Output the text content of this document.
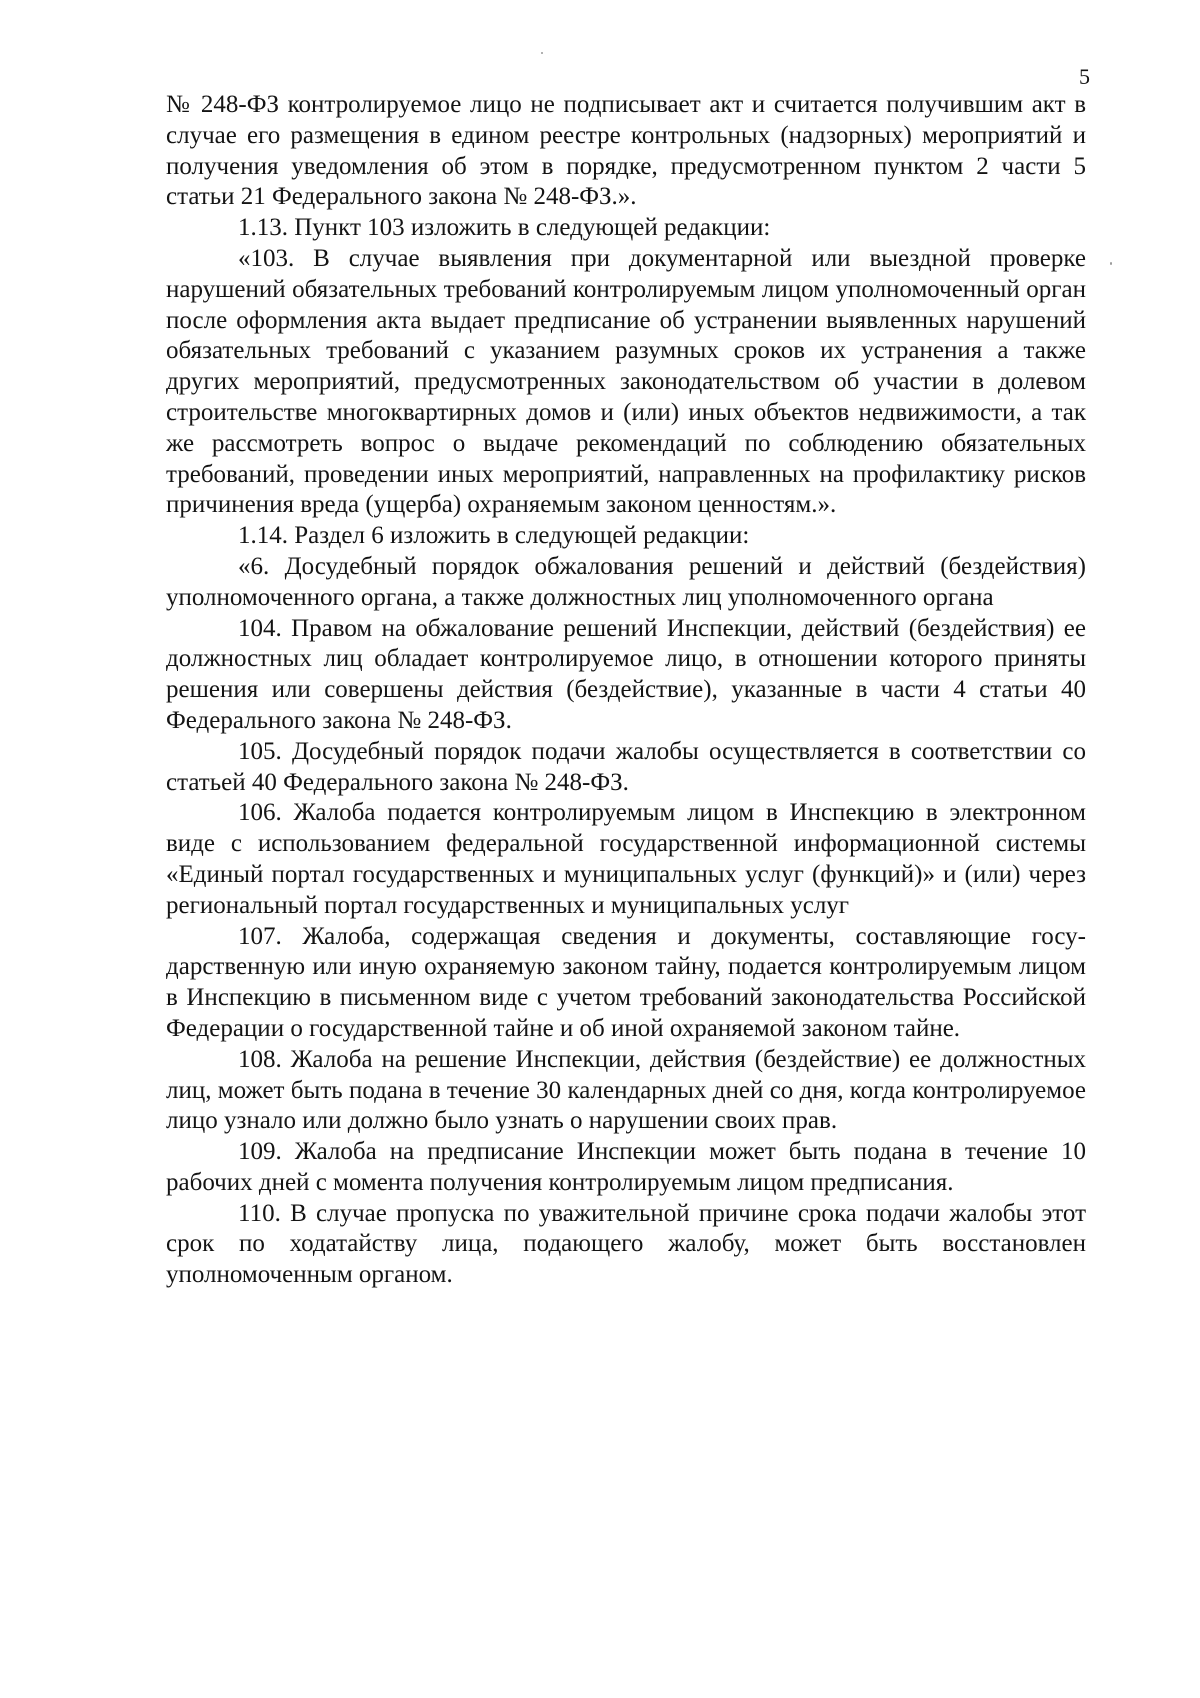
5

№ 248-ФЗ контролируемое лицо не подписывает акт и считается получившим акт в случае его размещения в едином реестре контрольных (надзорных) мероприятий и получения уведомления об этом в порядке, предусмотренном пунктом 2 части 5 статьи 21 Федерального закона № 248-ФЗ.».

1.13. Пункт 103 изложить в следующей редакции:

«103. В случае выявления при документарной или выездной проверке нарушений обязательных требований контролируемым лицом уполномоченный орган после оформления акта выдает предписание об устранении выявленных нарушений обязательных требований с указанием разумных сроков их устранения а также других мероприятий, предусмотренных законодательством об участии в долевом строительстве многоквартирных домов и (или) иных объектов недвижимости, а так же рассмотреть вопрос о выдаче рекомендаций по соблюдению обязательных требований, проведении иных мероприятий, направленных на профилактику рисков причинения вреда (ущерба) охраняемым законом ценностям.».

1.14. Раздел 6 изложить в следующей редакции:

«6. Досудебный порядок обжалования решений и действий (бездействия) уполномоченного органа, а также должностных лиц уполномоченного органа

104. Правом на обжалование решений Инспекции, действий (бездействия) ее должностных лиц обладает контролируемое лицо, в отношении которого приняты решения или совершены действия (бездействие), указанные в части 4 статьи 40 Федерального закона № 248-ФЗ.

105. Досудебный порядок подачи жалобы осуществляется в соответствии со статьей 40 Федерального закона № 248-ФЗ.

106. Жалоба подается контролируемым лицом в Инспекцию в электронном виде с использованием федеральной государственной информационной системы «Единый портал государственных и муниципальных услуг (функций)» и (или) через региональный портал государственных и муниципальных услуг

107. Жалоба, содержащая сведения и документы, составляющие государственную или иную охраняемую законом тайну, подается контролируемым лицом в Инспекцию в письменном виде с учетом требований законодательства Российской Федерации о государственной тайне и об иной охраняемой законом тайне.

108. Жалоба на решение Инспекции, действия (бездействие) ее должностных лиц, может быть подана в течение 30 календарных дней со дня, когда контролируемое лицо узнало или должно было узнать о нарушении своих прав.

109. Жалоба на предписание Инспекции может быть подана в течение 10 рабочих дней с момента получения контролируемым лицом предписания.

110. В случае пропуска по уважительной причине срока подачи жалобы этот срок по ходатайству лица, подающего жалобу, может быть восстановлен уполномоченным органом.
